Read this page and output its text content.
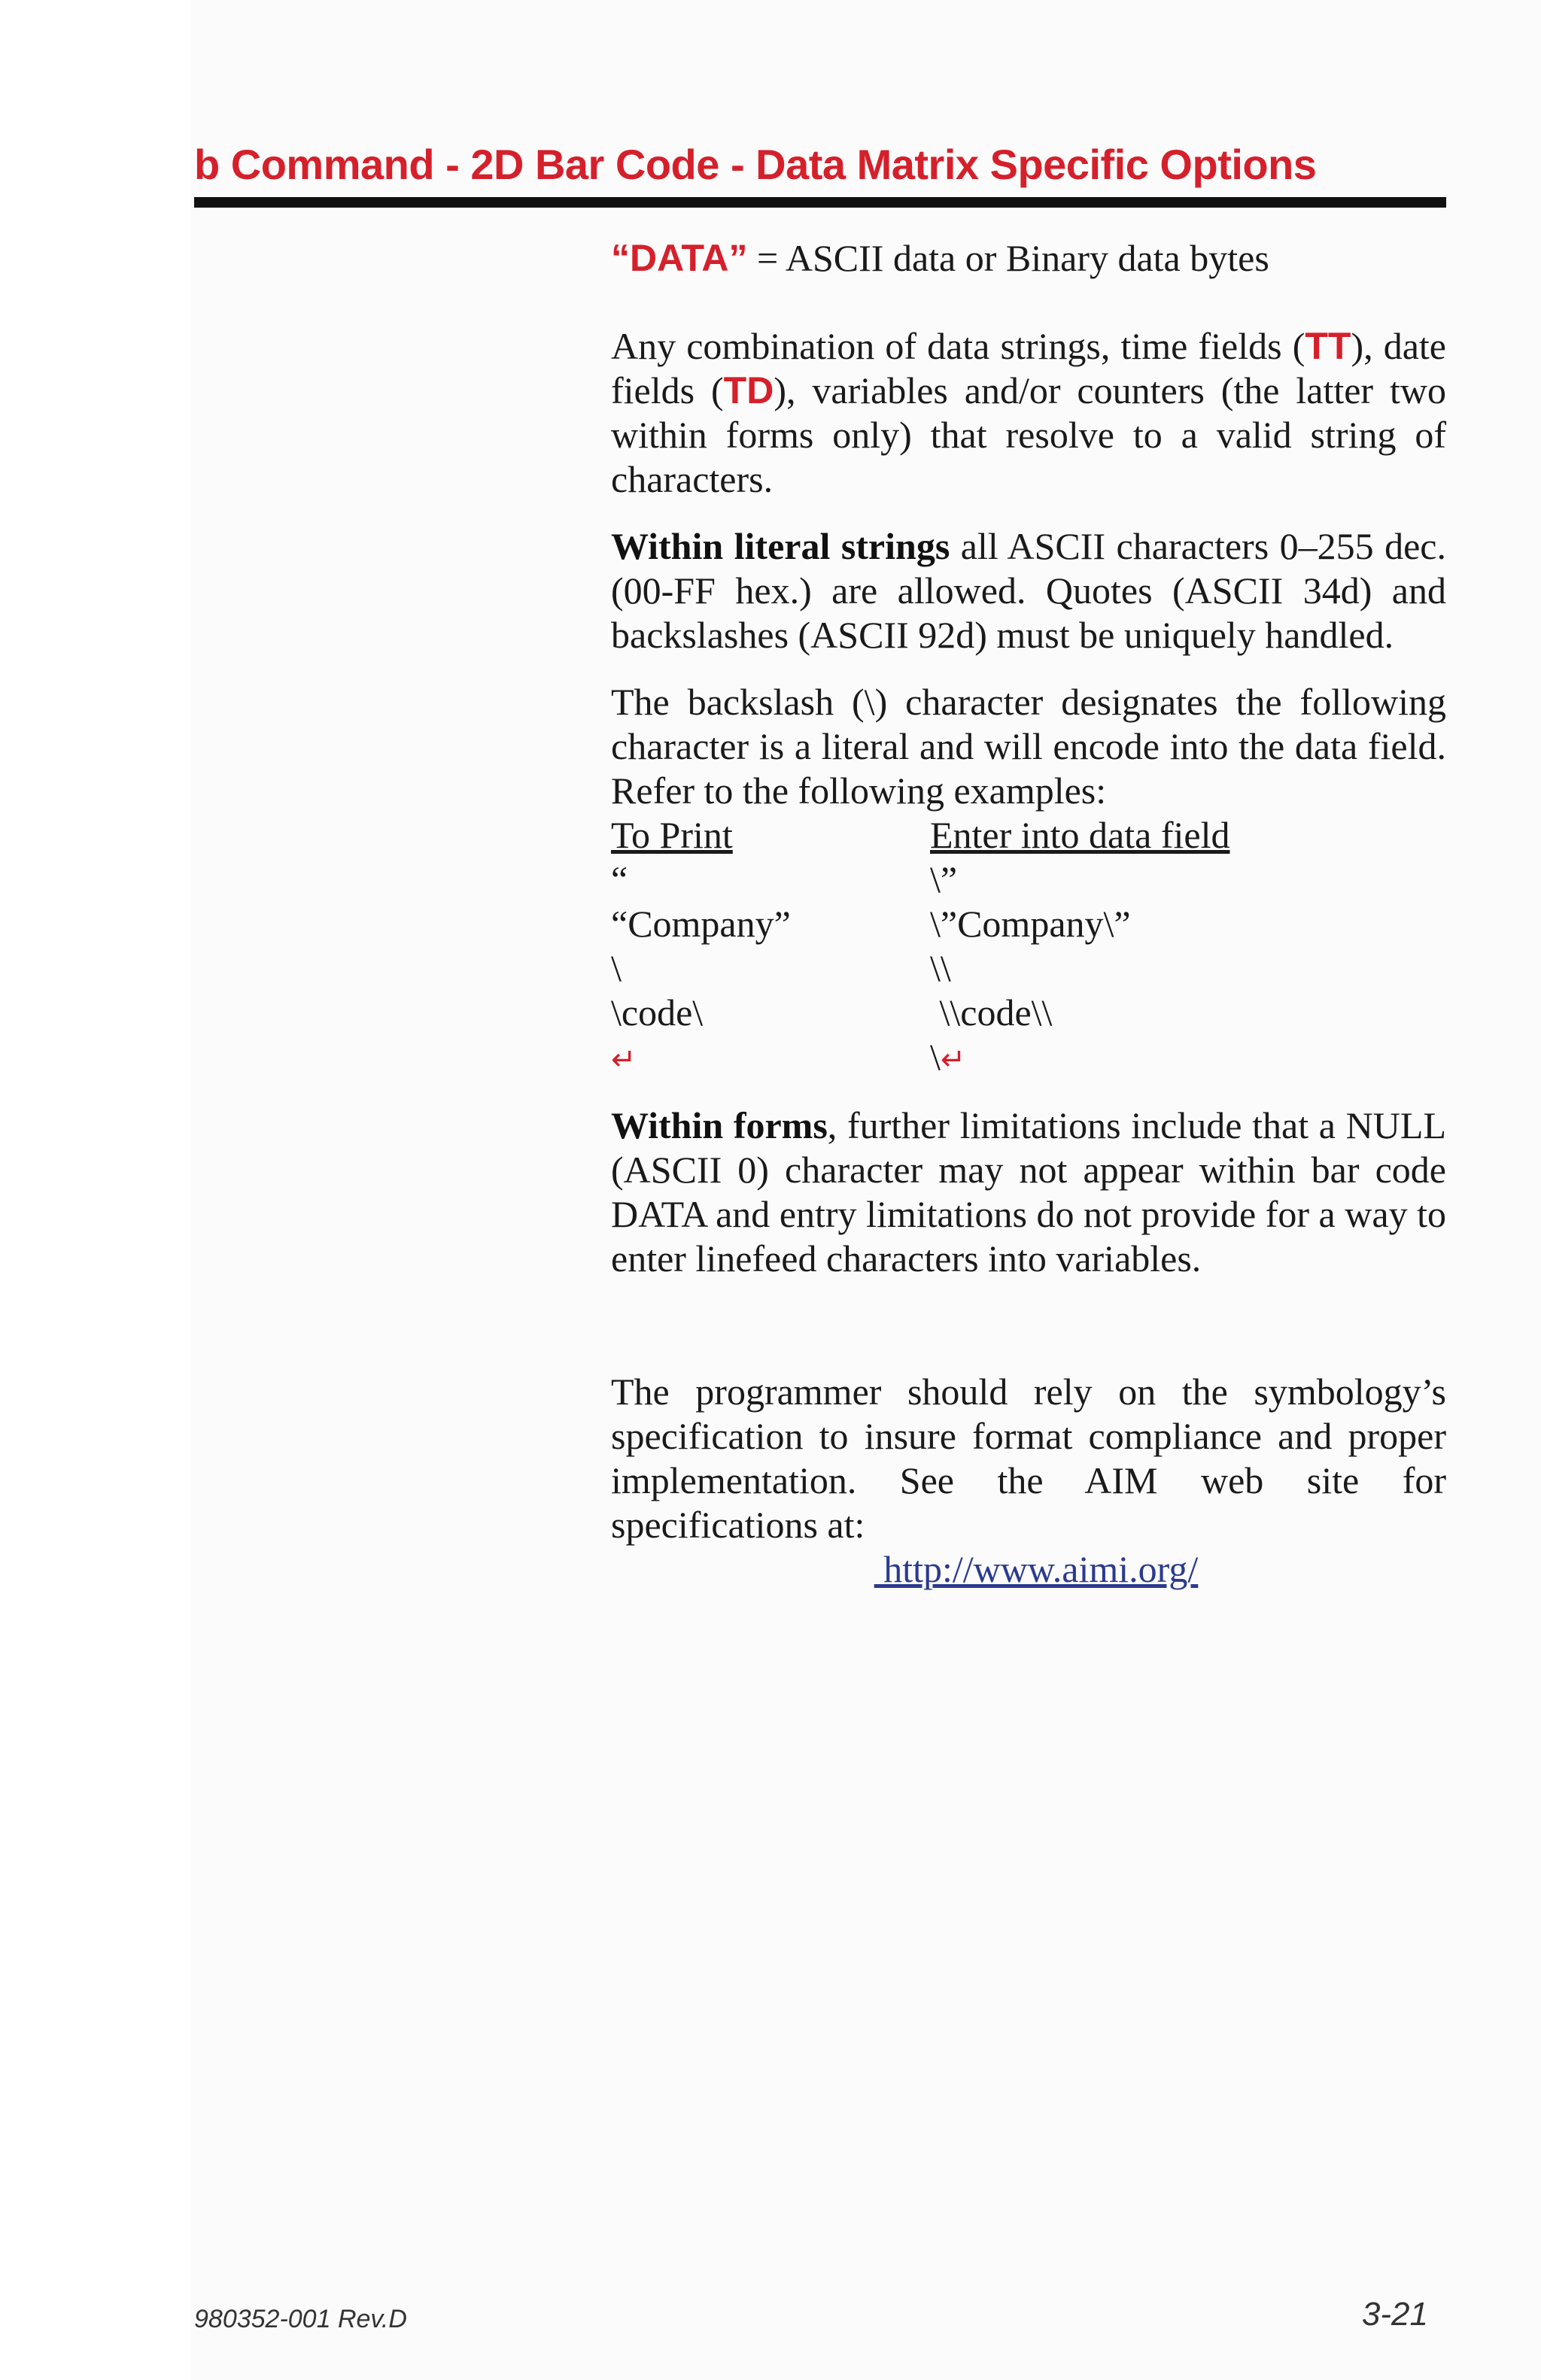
b Command - 2D Bar Code - Data Matrix Specific Options

“DATA” = ASCII data or Binary data bytes

Any combination of data strings, time fields (TT), date fields (TD), variables and/or counters (the latter two within forms only) that resolve to a valid string of characters.

Within literal strings all ASCII characters 0–255 dec. (00-FF hex.) are allowed. Quotes (ASCII 34d) and backslashes (ASCII 92d) must be uniquely handled.

The backslash (\) character designates the following character is a literal and will encode into the data field. Refer to the following examples:

To Print	Enter into data field
“	\”
“Company”	\”Company\”
\	\\
\code\	\\code\\
↵	\↵

Within forms, further limitations include that a NULL (ASCII 0) character may not appear within bar code DATA and entry limitations do not provide for a way to enter linefeed characters into variables.

The programmer should rely on the symbology’s specification to insure format compliance and proper implementation. See the AIM web site for specifications at:

http://www.aimi.org/

980352-001 Rev.D	3-21
